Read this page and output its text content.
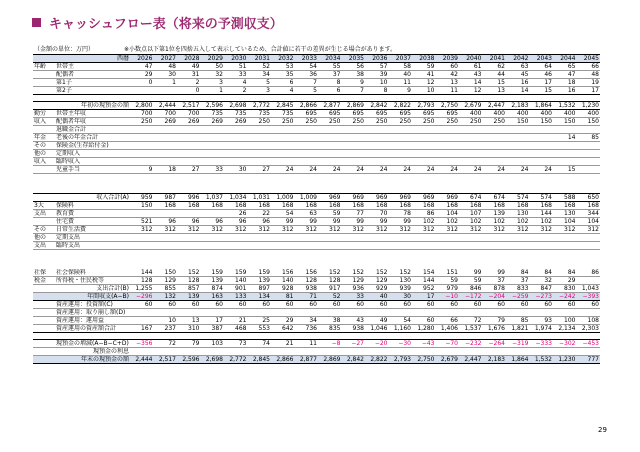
キャッシュフロー表（将来の予測収支）
（金額の単位：万円）	※小数点以下第1位を四捨五入して表示しているため、合計値に若干の差異が生じる場合があります。
	西暦	2026	2027	2028	2029	2030	2031	2032	2033	2034	2035	2036	2037	2038	2039	2040	2041	2042	2043	2044	2045
年齢	世帯主	47	48	49	50	51	52	53	54	55	56	57	58	59	60	61	62	63	64	65	66
	配偶者	29	30	31	32	33	34	35	36	37	38	39	40	41	42	43	44	45	46	47	48
	第1子	0	1	2	3	4	5	6	7	8	9	10	11	12	13	14	15	16	17	18	19
	第2子			0	1	2	3	4	5	6	7	8	9	10	11	12	13	14	15	16	17

	年初の現預金の額	2,800	2,444	2,517	2,596	2,698	2,772	2,845	2,866	2,877	2,869	2,842	2,822	2,793	2,750	2,679	2,447	2,183	1,864	1,532	1,230
勤労	世帯主年収	700	700	700	735	735	735	735	695	695	695	695	695	695	695	400	400	400	400	400	400
収入	配偶者年収	250	269	269	269	269	250	250	250	250	250	250	250	250	250	250	250	150	150	150	150
	退職金合計																				
年金	老後の年金合計																			14	85
その	保険金(生存給付金)																				
他の	定期収入																				
収入	臨時収入																				
	児童手当	9	18	27	33	30	27	24	24	24	24	24	24	24	24	24	24	24	24	15	

	収入合計(A)	959	987	996	1,037	1,034	1,031	1,009	1,009	969	969	969	969	969	969	674	674	574	574	588	650
3大	保険料	150	168	168	168	168	168	168	168	168	168	168	168	168	168	168	168	168	168	168	168
支出	教育費					26	22	54	63	59	77	70	78	86	104	107	139	130	144	130	344
	住宅費	521	96	96	96	96	96	99	99	99	99	99	99	102	102	102	102	102	102	104	104
その	日常生活費	312	312	312	312	312	312	312	312	312	312	312	312	312	312	312	312	312	312	312	312
他の	定期支出																				
支出	臨時支出																				

社保	社会保険料	144	150	152	159	159	159	156	156	152	152	152	152	154	151	99	99	84	84	84	86
税金	所得税・住民税等	128	129	128	139	140	139	140	128	128	129	129	130	144	59	59	37	37	32	29	
	支出合計(B)	1,255	855	857	874	901	897	928	938	917	936	929	939	952	979	846	878	833	847	830	1,043
	年間収支(A−B)	−296	132	139	163	133	134	81	71	52	33	40	30	17	−10	−172	−204	−259	−273	−242	−393
	資産運用：投資額(C)	60	60	60	60	60	60	60	60	60	60	60	60	60	60	60	60	60	60	60	60
	資産運用：取り崩し額(D)																				
	資産運用：運用益		10	13	17	21	25	29	34	38	43	49	54	60	66	72	79	85	93	100	108
	資産運用の資産額合計	167	237	310	387	468	553	642	736	835	938	1,046	1,160	1,280	1,406	1,537	1,676	1,821	1,974	2,134	2,303

	現預金の増減(A−B−C+D)	−356	72	79	103	73	74	21	11	−8	−27	−20	−30	−43	−70	−232	−264	−319	−333	−302	−453
	現預金の利息																				
	年末の現預金の額	2,444	2,517	2,596	2,698	2,772	2,845	2,866	2,877	2,869	2,842	2,822	2,793	2,750	2,679	2,447	2,183	1,864	1,532	1,230	777
29
